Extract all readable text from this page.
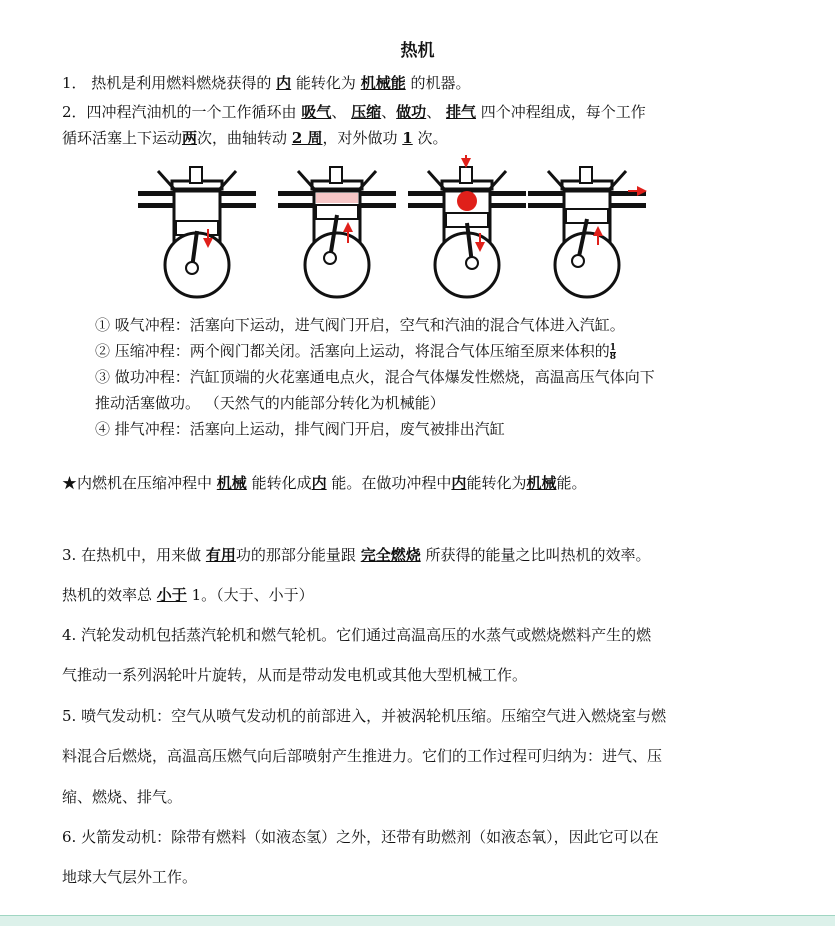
热机
1． 热机是利用燃料燃烧获得的 内 能转化为 机械能 的机器。
2．四冲程汽油机的一个工作循环由 吸气、 压缩、做功、 排气 四个冲程组成，每个工作
循环活塞上下运动两次，曲轴转动 2 周，对外做功 1 次。
① 吸气冲程：活塞向下运动，进气阀门开启，空气和汽油的混合气体进入汽缸。
② 压缩冲程：两个阀门都关闭。活塞向上运动，将混合气体压缩至原来体积的 $\frac{1}{8}$
③ 做功冲程：汽缸顶端的火花塞通电点火，混合气体爆发性燃烧，高温高压气体向下
推动活塞做功。 （天然气的内能部分转化为机械能）
④ 排气冲程：活塞向上运动，排气阀门开启，废气被排出汽缸
★内燃机在压缩冲程中 机械 能转化成内 能。在做功冲程中内能转化为机械能。
3. 在热机中，用来做 有用功的那部分能量跟 完全燃烧 所获得的能量之比叫热机的效率。
热机的效率总 小于 1。（大于、小于）
4. 汽轮发动机包括蒸汽轮机和燃气轮机。它们通过高温高压的水蒸气或燃烧燃料产生的燃
气推动一系列涡轮叶片旋转，从而是带动发电机或其他大型机械工作。
5. 喷气发动机：空气从喷气发动机的前部进入，并被涡轮机压缩。压缩空气进入燃烧室与燃
料混合后燃烧，高温高压燃气向后部喷射产生推进力。它们的工作过程可归纳为：进气、压
缩、燃烧、排气。
6. 火箭发动机：除带有燃料（如液态氢）之外，还带有助燃剂（如液态氧），因此它可以在
地球大气层外工作。
